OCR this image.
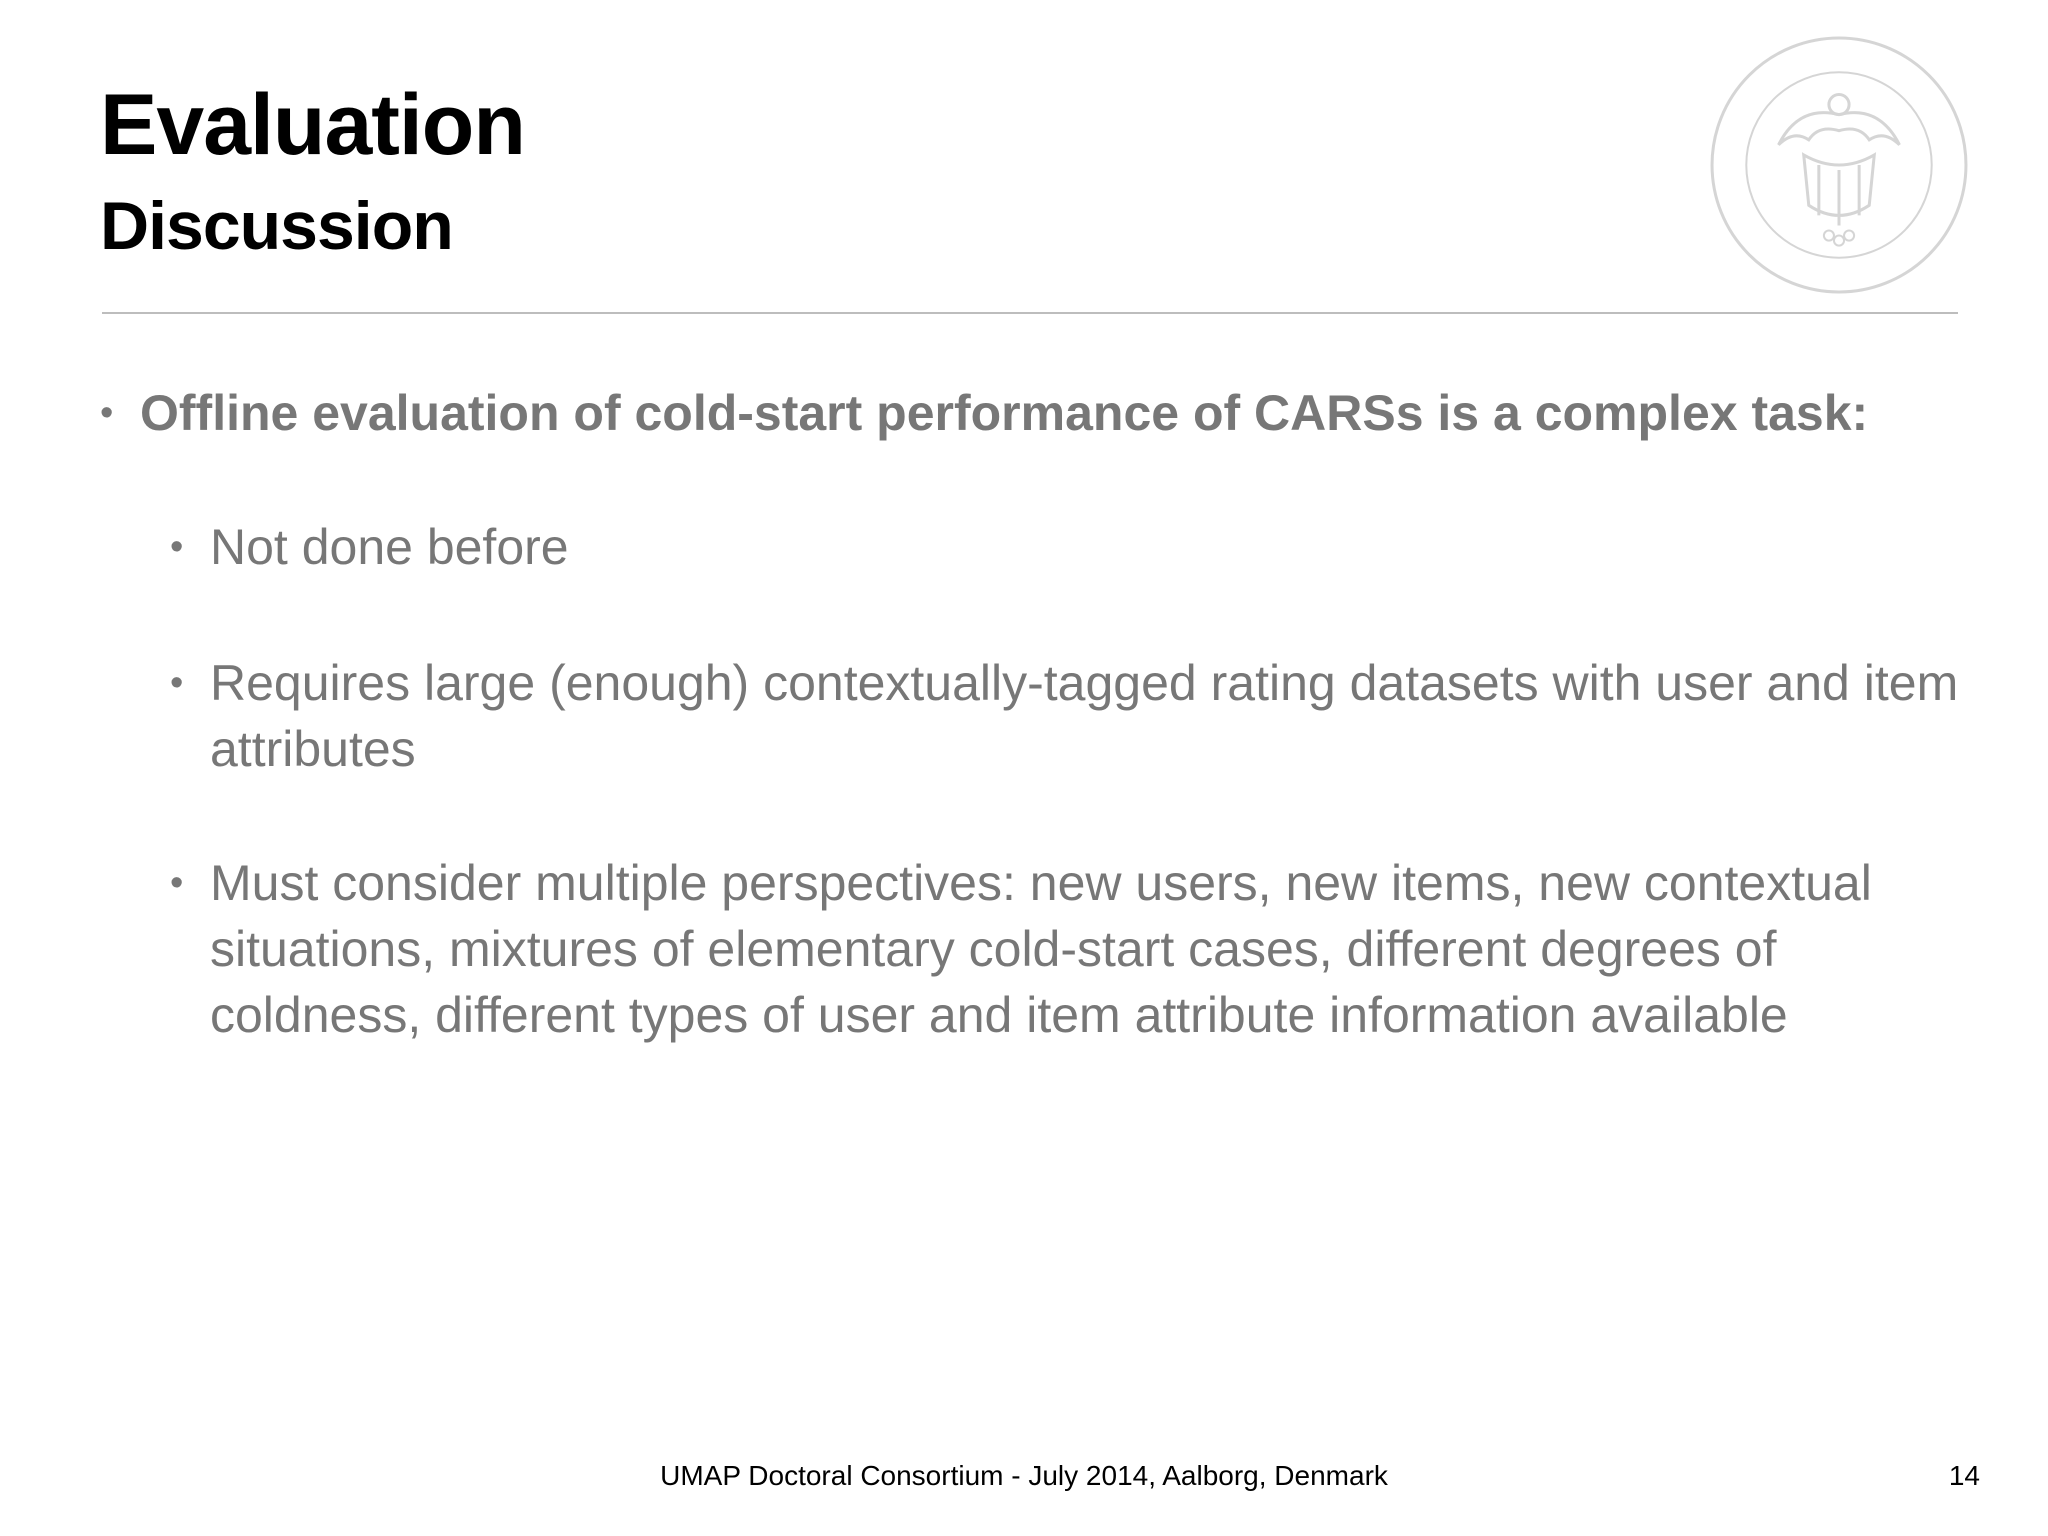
Evaluation
Discussion
• Offline evaluation of cold-start performance of CARSs is a complex task:
• Not done before
• Requires large (enough) contextually-tagged rating datasets with user and item attributes
• Must consider multiple perspectives: new users, new items, new contextual situations, mixtures of elementary cold-start cases, different degrees of coldness, different types of user and item attribute information available
UMAP Doctoral Consortium - July 2014, Aalborg, Denmark	14
